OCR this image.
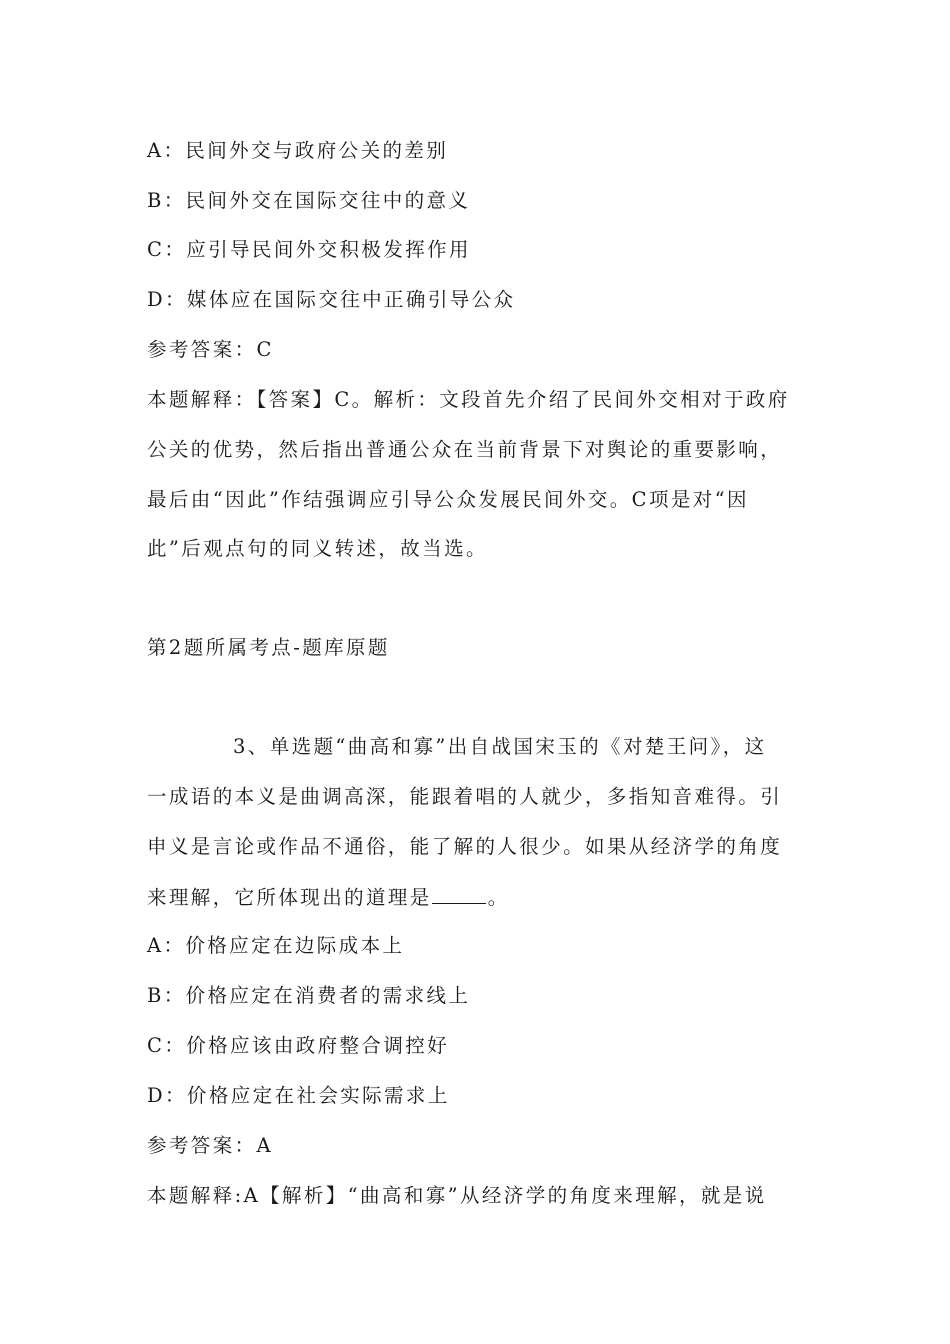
A：民间外交与政府公关的差别
B：民间外交在国际交往中的意义
C：应引导民间外交积极发挥作用
D：媒体应在国际交往中正确引导公众
参考答案：C
本题解释：【答案】C。解析：文段首先介绍了民间外交相对于政府
公关的优势，然后指出普通公众在当前背景下对舆论的重要影响，
最后由“因此”作结强调应引导公众发展民间外交。C项是对“因
此”后观点句的同义转述，故当选。
第2题所属考点-题库原题
3、单选题“曲高和寡”出自战国宋玉的《对楚王问》，这
一成语的本义是曲调高深，能跟着唱的人就少，多指知音难得。引
申义是言论或作品不通俗，能了解的人很少。如果从经济学的角度
来理解，它所体现出的道理是	。
A：价格应定在边际成本上
B：价格应定在消费者的需求线上
C：价格应该由政府整合调控好
D：价格应定在社会实际需求上
参考答案：A
本题解释:A【解析】“曲高和寡”从经济学的角度来理解，就是说
